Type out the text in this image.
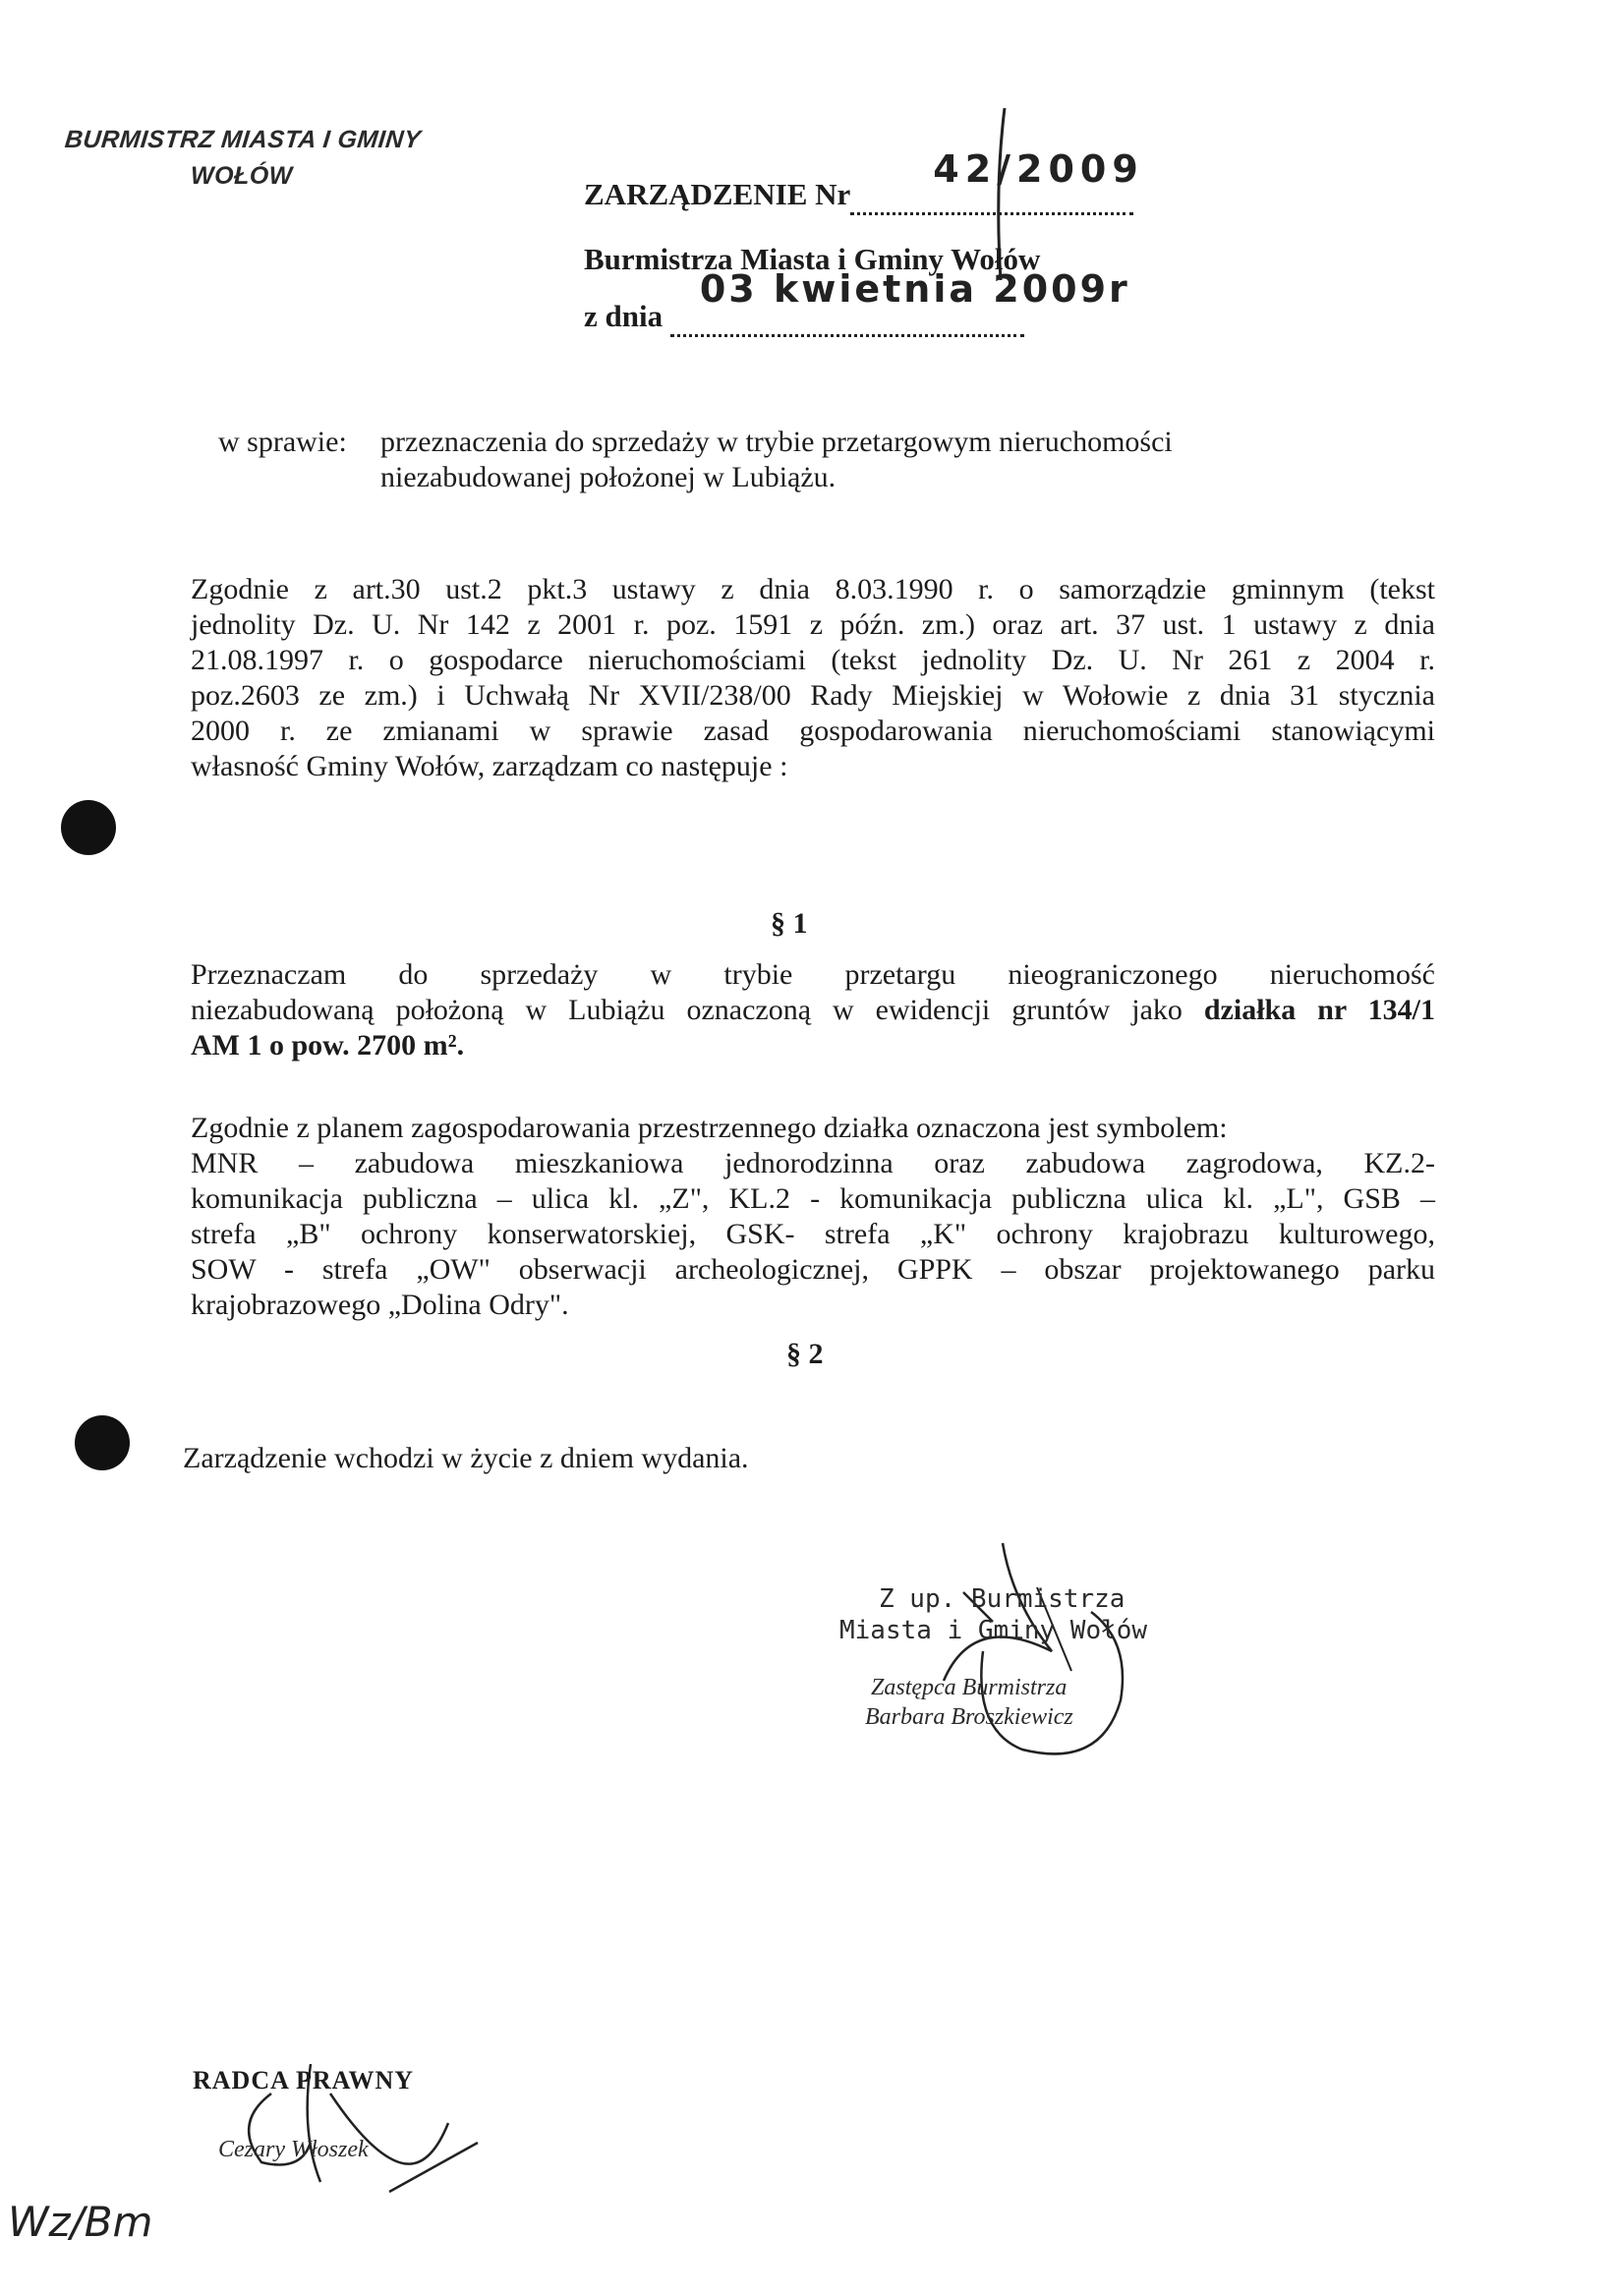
BURMISTRZ MIASTA I GMINY
WOŁÓW
ZARZĄDZENIE Nr
42/2009

Burmistrza Miasta i Gminy Wołów
z dnia
03 kwietnia 2009r

w sprawie: przeznaczenia do sprzedaży w trybie przetargowym nieruchomości
niezabudowanej położonej w Lubiążu.

Zgodnie z art.30 ust.2 pkt.3 ustawy z dnia 8.03.1990 r. o samorządzie gminnym (tekst

jednolity Dz. U. Nr 142 z 2001 r. poz. 1591 z późn. zm.) oraz art. 37 ust. 1 ustawy z dnia

21.08.1997 r. o gospodarce nieruchomościami (tekst jednolity Dz. U. Nr 261 z 2004 r.

poz.2603 ze zm.) i Uchwałą Nr XVII/238/00 Rady Miejskiej w Wołowie z dnia 31 stycznia

2000 r. ze zmianami w sprawie zasad gospodarowania nieruchomościami stanowiącymi

własność Gminy Wołów, zarządzam co następuje :

§ 1

Przeznaczam do sprzedaży w trybie przetargu nieograniczonego nieruchomość

niezabudowaną położoną w Lubiążu oznaczoną w ewidencji gruntów jako działka nr 134/1

AM 1 o pow. 2700 m².

Zgodnie z planem zagospodarowania przestrzennego działka oznaczona jest symbolem:

MNR – zabudowa mieszkaniowa jednorodzinna oraz zabudowa zagrodowa, KZ.2-

komunikacja publiczna – ulica kl. „Z", KL.2 - komunikacja publiczna ulica kl. „L", GSB –

strefa „B" ochrony konserwatorskiej, GSK- strefa „K" ochrony krajobrazu kulturowego,

SOW - strefa „OW" obserwacji archeologicznej, GPPK – obszar projektowanego parku

krajobrazowego „Dolina Odry".

§ 2
Zarządzenie wchodzi w życie z dniem wydania.
Z up. Burmistrza
Miasta i Gminy Wołów
Zastępca Burmistrza
Barbara Broszkiewicz
RADCA PRAWNY
Cezary Włoszek
Wz/Bm
